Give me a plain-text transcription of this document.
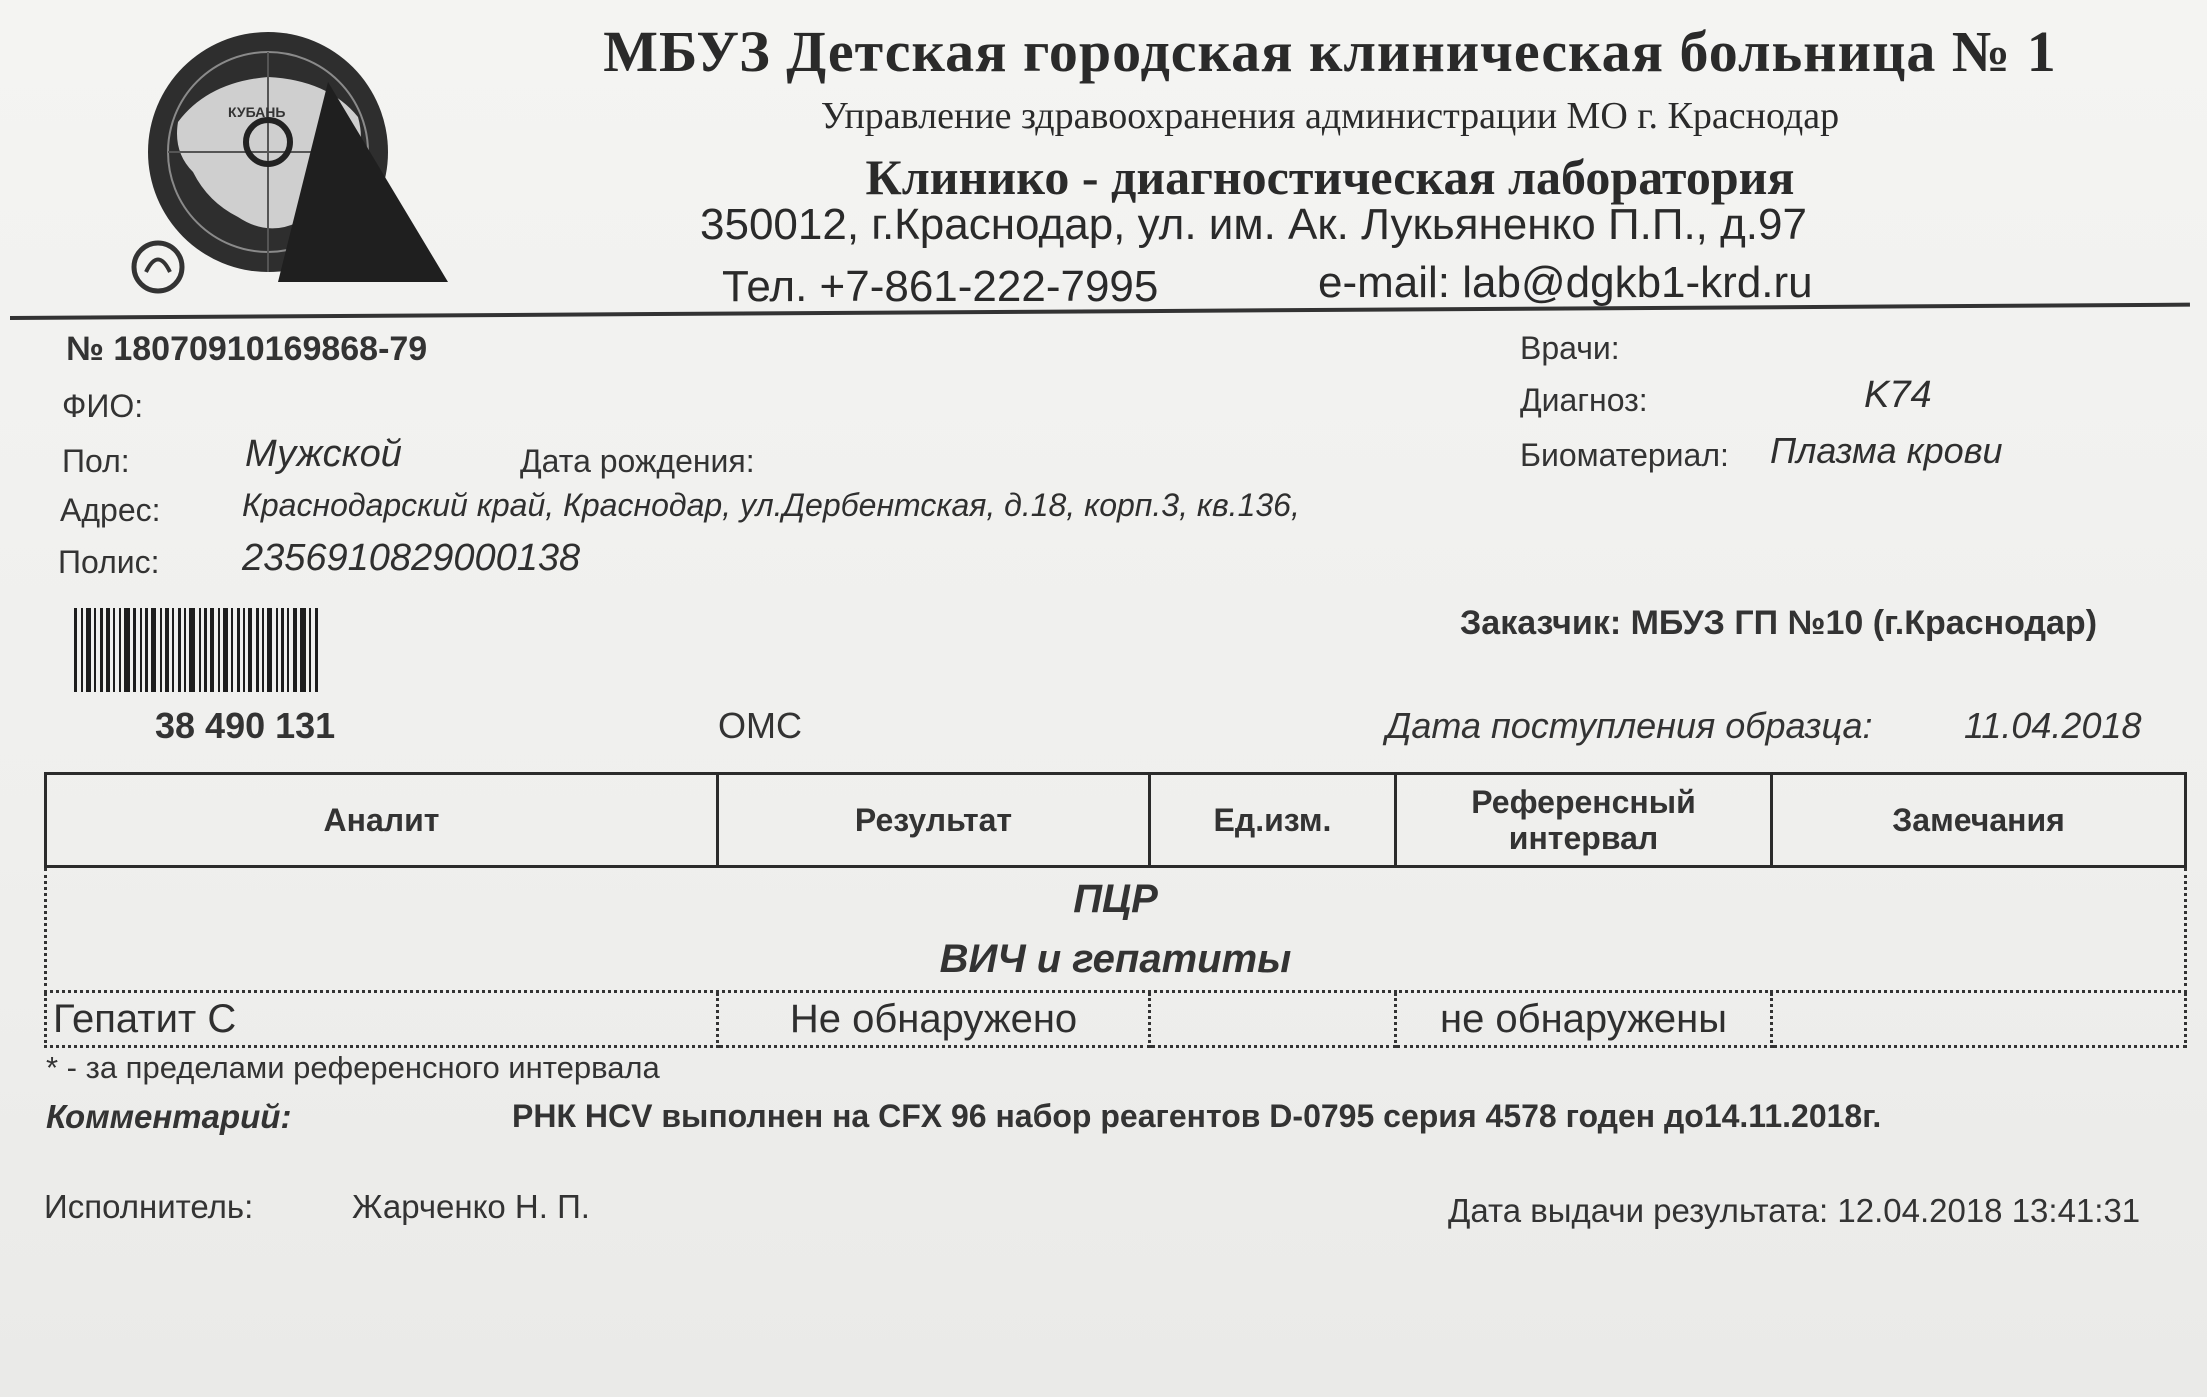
КУБАНЬ
МБУЗ Детская городская клиническая больница № 1
Управление здравоохранения администрации МО г. Краснодар
Клинико - диагностическая лаборатория
350012, г.Краснодар, ул. им. Ак. Лукьяненко П.П., д.97
Тел. +7-861-222-7995	e-mail: lab@dgkb1-krd.ru
№ 18070910169868-79
ФИО:
Пол:	Мужской	Дата рождения:
Адрес:	Краснодарский край, Краснодар, ул.Дербентская, д.18, корп.3, кв.136,
Полис: 2356910829000138
Врачи:
Диагноз:	K74
Биоматериал: Плазма крови
Заказчик: МБУЗ ГП №10 (г.Краснодар)
38 490 131	ОМС	Дата поступления образца:	11.04.2018
Аналит	Результат	Ед.изм.	Референсный интервал	Замечания

ПЦР
ВИЧ и гепатиты				

Гепатит С	Не обнаружено		не обнаружены	
* - за пределами референсного интервала
Комментарий:	РНК HCV выполнен на CFX 96 набор реагентов D-0795 серия 4578 годен до14.11.2018г.
Исполнитель:	Жарченко Н. П.	Дата выдачи результата: 12.04.2018 13:41:31
